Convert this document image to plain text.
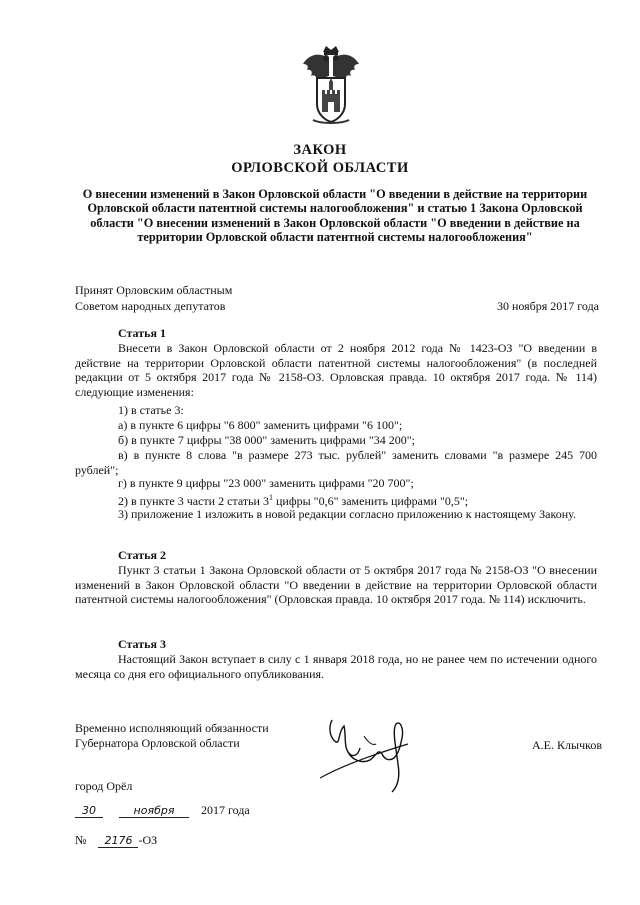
ЗАКОН
ОРЛОВСКОЙ ОБЛАСТИ
О внесении изменений в Закон Орловской области "О введении в действие на территории Орловской области патентной системы налогообложения" и статью 1 Закона Орловской области "О внесении изменений в Закон Орловской области "О введении в действие на территории Орловской области патентной системы налогообложения"
Принят Орловским областным
Советом народных депутатов	30 ноября 2017 года
Статья 1

Внесети в Закон Орловской области от 2 ноября 2012 года № 1423-ОЗ "О введении в действие на территории Орловской области патентной системы налогообложения" (в последней редакции от 5 октября 2017 года № 2158-ОЗ. Орловская правда. 10 октября 2017 года. № 114) следующие изменения:

1) в статье 3:
а) в пункте 6 цифры "6 800" заменить цифрами "6 100";
б) в пункте 7 цифры "38 000" заменить цифрами "34 200";

в) в пункте 8 слова "в размере 273 тыс. рублей" заменить словами "в размере 245 700 рублей";

г) в пункте 9 цифры "23 000" заменить цифрами "20 700";
2) в пункте 3 части 2 статьи $3^1$ цифры "0,6" заменить цифрами "0,5";

3) приложение 1 изложить в новой редакции согласно приложению к настоящему Закону.

Статья 2

Пункт 3 статьи 1 Закона Орловской области от 5 октября 2017 года № 2158-ОЗ "О внесении изменений в Закон Орловской области "О введении в действие на территории Орловской области патентной системы налогообложения" (Орловская правда. 10 октября 2017 года. № 114) исключить.

Статья 3

Настоящий Закон вступает в силу с 1 января 2018 года, но не ранее чем по истечении одного месяца со дня его официального опубликования.

Временно исполняющий обязанности
Губернатора Орловской области	А.Е. Клычков
город Орёл
30	ноября 2017 года
№ 2176 -ОЗ
